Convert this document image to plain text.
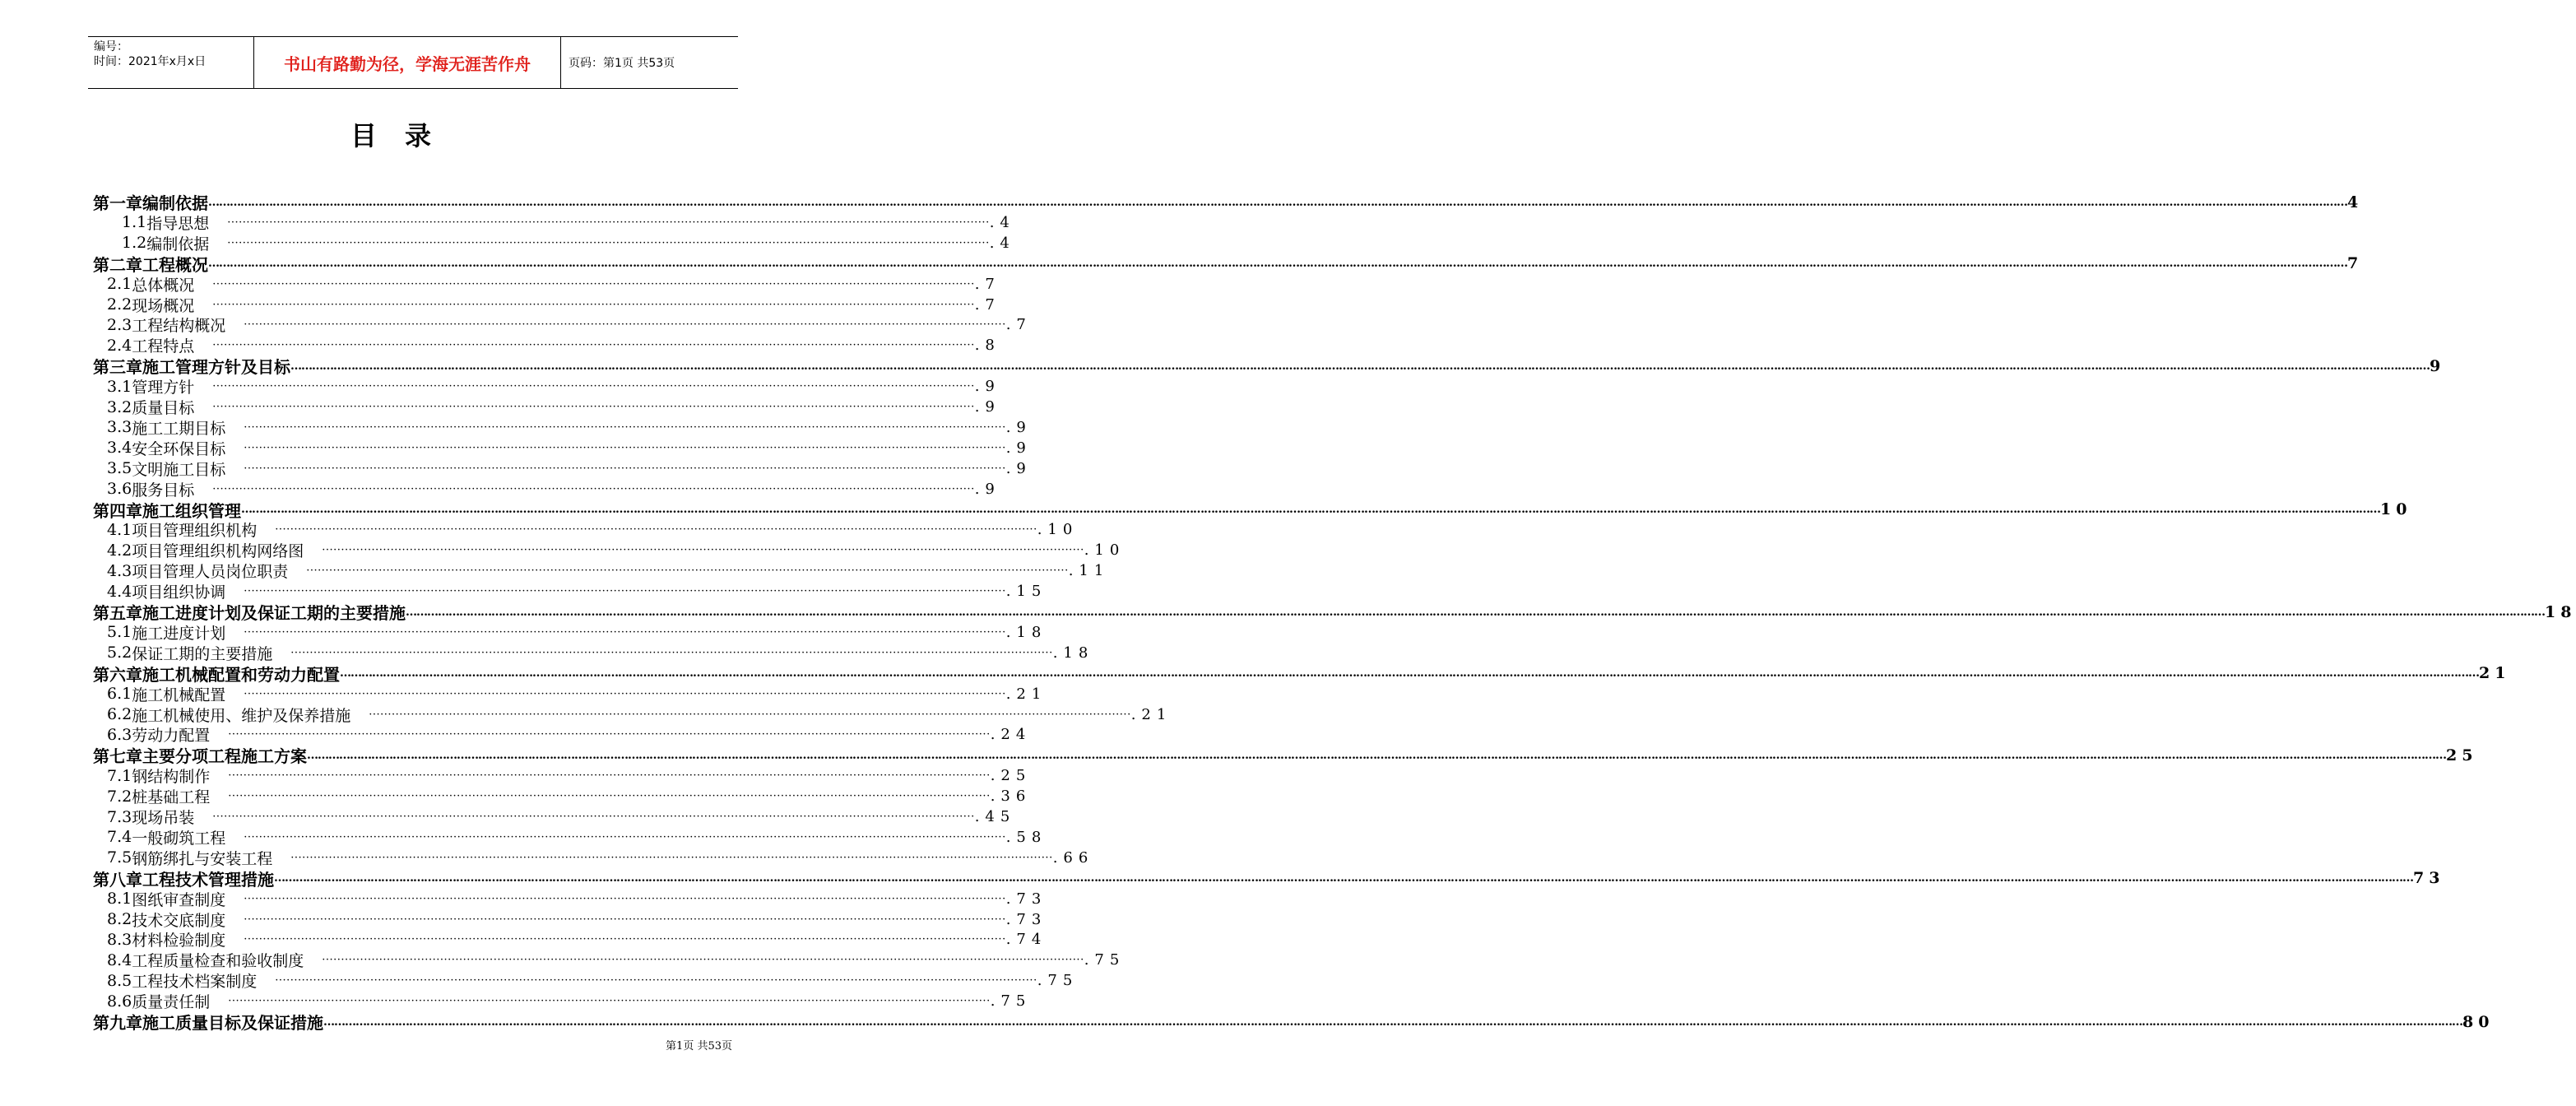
编号：
时间：2021年x月x日	书山有路勤为径，学海无涯苦作舟	页码：第1页 共53页
目录
第一章 编制依据 …………………………………………………………………………………………………………………………………………………………………………………………………………………………………………………………………………………………………………………………………………………………………………………………………………………………………………………………………………………………………………………………………………………… 4
1.1 指导思想 ········································································································································································································ .4
1.2 编制依据 ········································································································································································································ .4
第二章 工程概况 …………………………………………………………………………………………………………………………………………………………………………………………………………………………………………………………………………………………………………………………………………………………………………………………………………………………………………………………………………………………………………………………………………………… 7
2.1 总体概况 ········································································································································································································ .7
2.2 现场概况 ········································································································································································································ .7
2.3 工程结构概况 ········································································································································································································ .7
2.4 工程特点 ········································································································································································································ .8
第三章 施工管理方针及目标 …………………………………………………………………………………………………………………………………………………………………………………………………………………………………………………………………………………………………………………………………………………………………………………………………………………………………………………………………………………………………………………………………………………… 9
3.1 管理方针 ········································································································································································································ .9
3.2 质量目标 ········································································································································································································ .9
3.3 施工工期目标 ········································································································································································································ .9
3.4 安全环保目标 ········································································································································································································ .9
3.5 文明施工目标 ········································································································································································································ .9
3.6 服务目标 ········································································································································································································ .9
第四章 施工组织管理 …………………………………………………………………………………………………………………………………………………………………………………………………………………………………………………………………………………………………………………………………………………………………………………………………………………………………………………………………………………………………………………………………………………… 10
4.1 项目管理组织机构 ········································································································································································································ .10
4.2 项目管理组织机构网络图 ········································································································································································································ .10
4.3 项目管理人员岗位职责 ········································································································································································································ .11
4.4 项目组织协调 ········································································································································································································ .15
第五章 施工进度计划及保证工期的主要措施 …………………………………………………………………………………………………………………………………………………………………………………………………………………………………………………………………………………………………………………………………………………………………………………………………………………………………………………………………………………………………………………………………………………… 18
5.1 施工进度计划 ········································································································································································································ .18
5.2 保证工期的主要措施 ········································································································································································································ .18
第六章 施工机械配置和劳动力配置 …………………………………………………………………………………………………………………………………………………………………………………………………………………………………………………………………………………………………………………………………………………………………………………………………………………………………………………………………………………………………………………………………………………… 21
6.1 施工机械配置 ········································································································································································································ .21
6.2 施工机械使用、维护及保养措施 ········································································································································································································ .21
6.3 劳动力配置 ········································································································································································································ .24
第七章 主要分项工程施工方案 …………………………………………………………………………………………………………………………………………………………………………………………………………………………………………………………………………………………………………………………………………………………………………………………………………………………………………………………………………………………………………………………………………………… 25
7.1 钢结构制作 ········································································································································································································ .25
7.2 桩基础工程 ········································································································································································································ .36
7.3 现场吊装 ········································································································································································································ .45
7.4 一般砌筑工程 ········································································································································································································ .58
7.5 钢筋绑扎与安装工程 ········································································································································································································ .66
第八章 工程技术管理措施 …………………………………………………………………………………………………………………………………………………………………………………………………………………………………………………………………………………………………………………………………………………………………………………………………………………………………………………………………………………………………………………………………………………… 73
8.1 图纸审查制度 ········································································································································································································ .73
8.2 技术交底制度 ········································································································································································································ .73
8.3 材料检验制度 ········································································································································································································ .74
8.4 工程质量检查和验收制度 ········································································································································································································ .75
8.5 工程技术档案制度 ········································································································································································································ .75
8.6 质量责任制 ········································································································································································································ .75
第九章 施工质量目标及保证措施 …………………………………………………………………………………………………………………………………………………………………………………………………………………………………………………………………………………………………………………………………………………………………………………………………………………………………………………………………………………………………………………………………………………… 80
第1页 共53页
